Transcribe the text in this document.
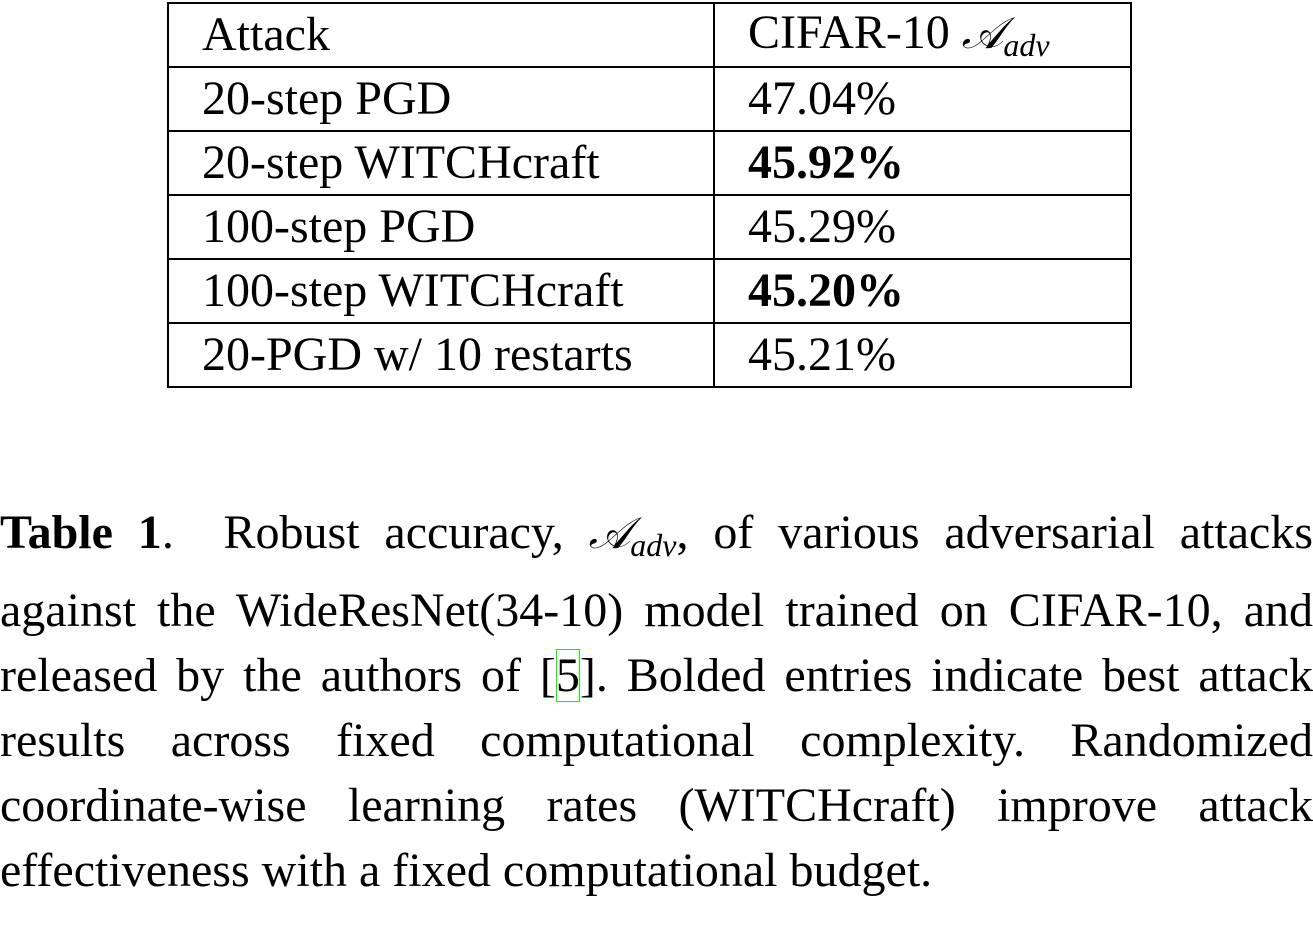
Attack	CIFAR-10 𝒜adv
20-step PGD	47.04%
20-step WITCHcraft	45.92%
100-step PGD	45.29%
100-step WITCHcraft	45.20%
20-PGD w/ 10 restarts	45.21%

Table 1. Robust accuracy, 𝒜adv, of various adversarial attacks against the WideResNet(34-10) model trained on CIFAR-10, and released by the authors of [5]. Bolded entries indicate best attack results across fixed computational complexity. Randomized coordinate-wise learning rates (WITCHcraft) improve attack effectiveness with a fixed computational budget.
